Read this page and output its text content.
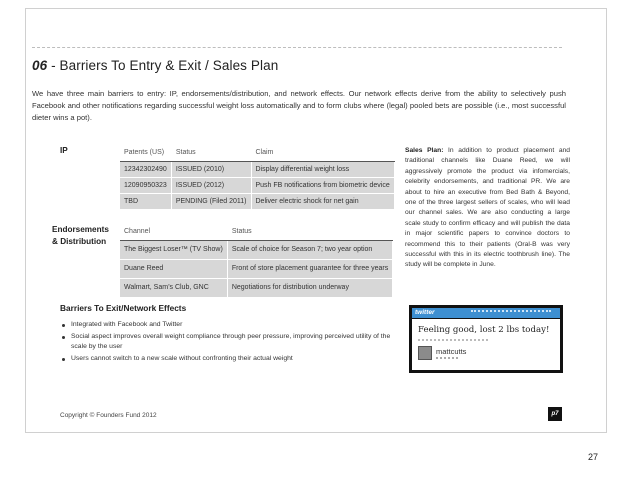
06 - Barriers To Entry & Exit / Sales Plan

We have three main barriers to entry: IP, endorsements/distribution, and network effects. Our network effects derive from the ability to selectively push Facebook and other notifications regarding successful weight loss automatically and to form clubs where (legal) pooled bets are possible (i.e., most successful dieter wins a pot).

IP	Patents (US)	Status	Claim
12342302490	ISSUED (2010)	Display differential weight loss
12090950323	ISSUED (2012)	Push FB notifications from biometric device
TBD	PENDING (Filed 2011)	Deliver electric shock for net gain
Endorsements
& Distribution
Channel	Status
The Biggest Loser™ (TV Show)	Scale of choice for Season 7; two year option
Duane Reed	Front of store placement guarantee for three years
Walmart, Sam’s Club, GNC	Negotiations for distribution underway

Sales Plan: In addition to product placement and traditional channels like Duane Reed, we will aggressively promote the product via infomercials, celebrity endorsements, and traditional PR. We are about to hire an executive from Bed Bath & Beyond, one of the three largest sellers of scales, who will lead our channel sales. We are also conducting a large scale study to confirm efficacy and will publish the data in major scientific papers to convince doctors to recommend this to their patients (Oral-B was very successful with this in its electric toothbrush line). The study will be complete in June.

Barriers To Exit/Network Effects
Integrated with Facebook and Twitter
Social aspect improves overall weight compliance through peer pressure, improving perceived utility of the scale by the user
Users cannot switch to a new scale without confronting their actual weight
twitter
Feeling good, lost 2 lbs today!
mattcutts
Copyright © Founders Fund 2012	p7
27
